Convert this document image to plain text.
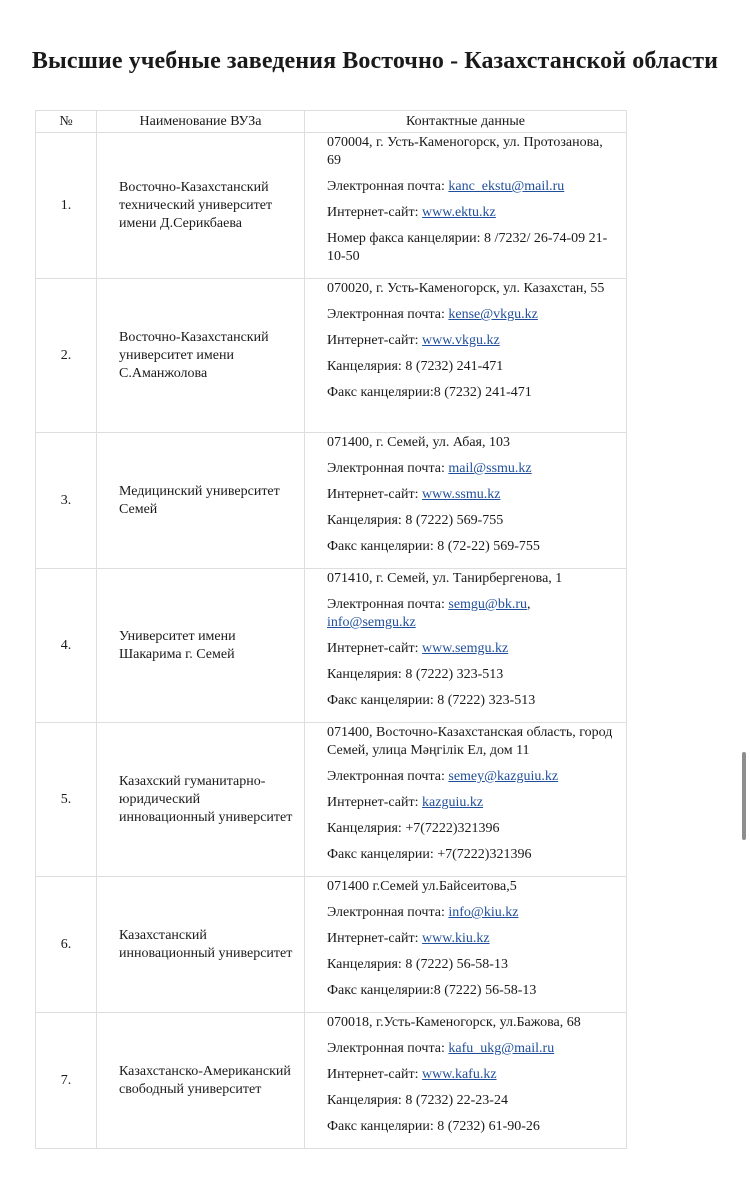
Высшие учебные заведения Восточно - Казахстанской области
№	Наименование ВУЗа	Контактные данные
1.	Восточно-Казахстанский технический университет имени Д.Серикбаева	070004, г. Усть-Каменогорск, ул. Протозанова, 69
Электронная почта: kanc_ekstu@mail.ru
Интернет-сайт: www.ektu.kz
Номер факса канцелярии: 8 /7232/ 26-74-09 21-10-50

2.	Восточно-Казахстанский университет имени С.Аманжолова	070020, г. Усть-Каменогорск, ул. Казахстан, 55
Электронная почта: kense@vkgu.kz
Интернет-сайт: www.vkgu.kz
Канцелярия: 8 (7232) 241-471
Факс канцелярии:8 (7232) 241-471

3.	Медицинский университет Семей	071400, г. Семей, ул. Абая, 103
Электронная почта: mail@ssmu.kz
Интернет-сайт: www.ssmu.kz
Канцелярия: 8 (7222) 569-755
Факс канцелярии: 8 (72-22) 569-755

4.	Университет имени Шакарима г. Семей	071410, г. Семей, ул. Танирбергенова, 1
Электронная почта: semgu@bk.ru, info@semgu.kz
Интернет-сайт: www.semgu.kz
Канцелярия: 8 (7222) 323-513
Факс канцелярии: 8 (7222) 323-513

5.	Казахский гуманитарно-юридический инновационный университет	071400, Восточно-Казахстанская область, город Семей, улица Мәңгілік Ел, дом 11
Электронная почта: semey@kazguiu.kz
Интернет-сайт: kazguiu.kz
Канцелярия: +7(7222)321396
Факс канцелярии: +7(7222)321396

6.	Казахстанский инновационный университет	071400 г.Семей ул.Байсеитова,5
Электронная почта: info@kiu.kz
Интернет-сайт: www.kiu.kz
Канцелярия: 8 (7222) 56-58-13
Факс канцелярии:8 (7222) 56-58-13

7.	Казахстанско-Американский свободный университет	070018, г.Усть-Каменогорск, ул.Бажова, 68
Электронная почта: kafu_ukg@mail.ru
Интернет-сайт: www.kafu.kz
Канцелярия: 8 (7232) 22-23-24
Факс канцелярии: 8 (7232) 61-90-26
